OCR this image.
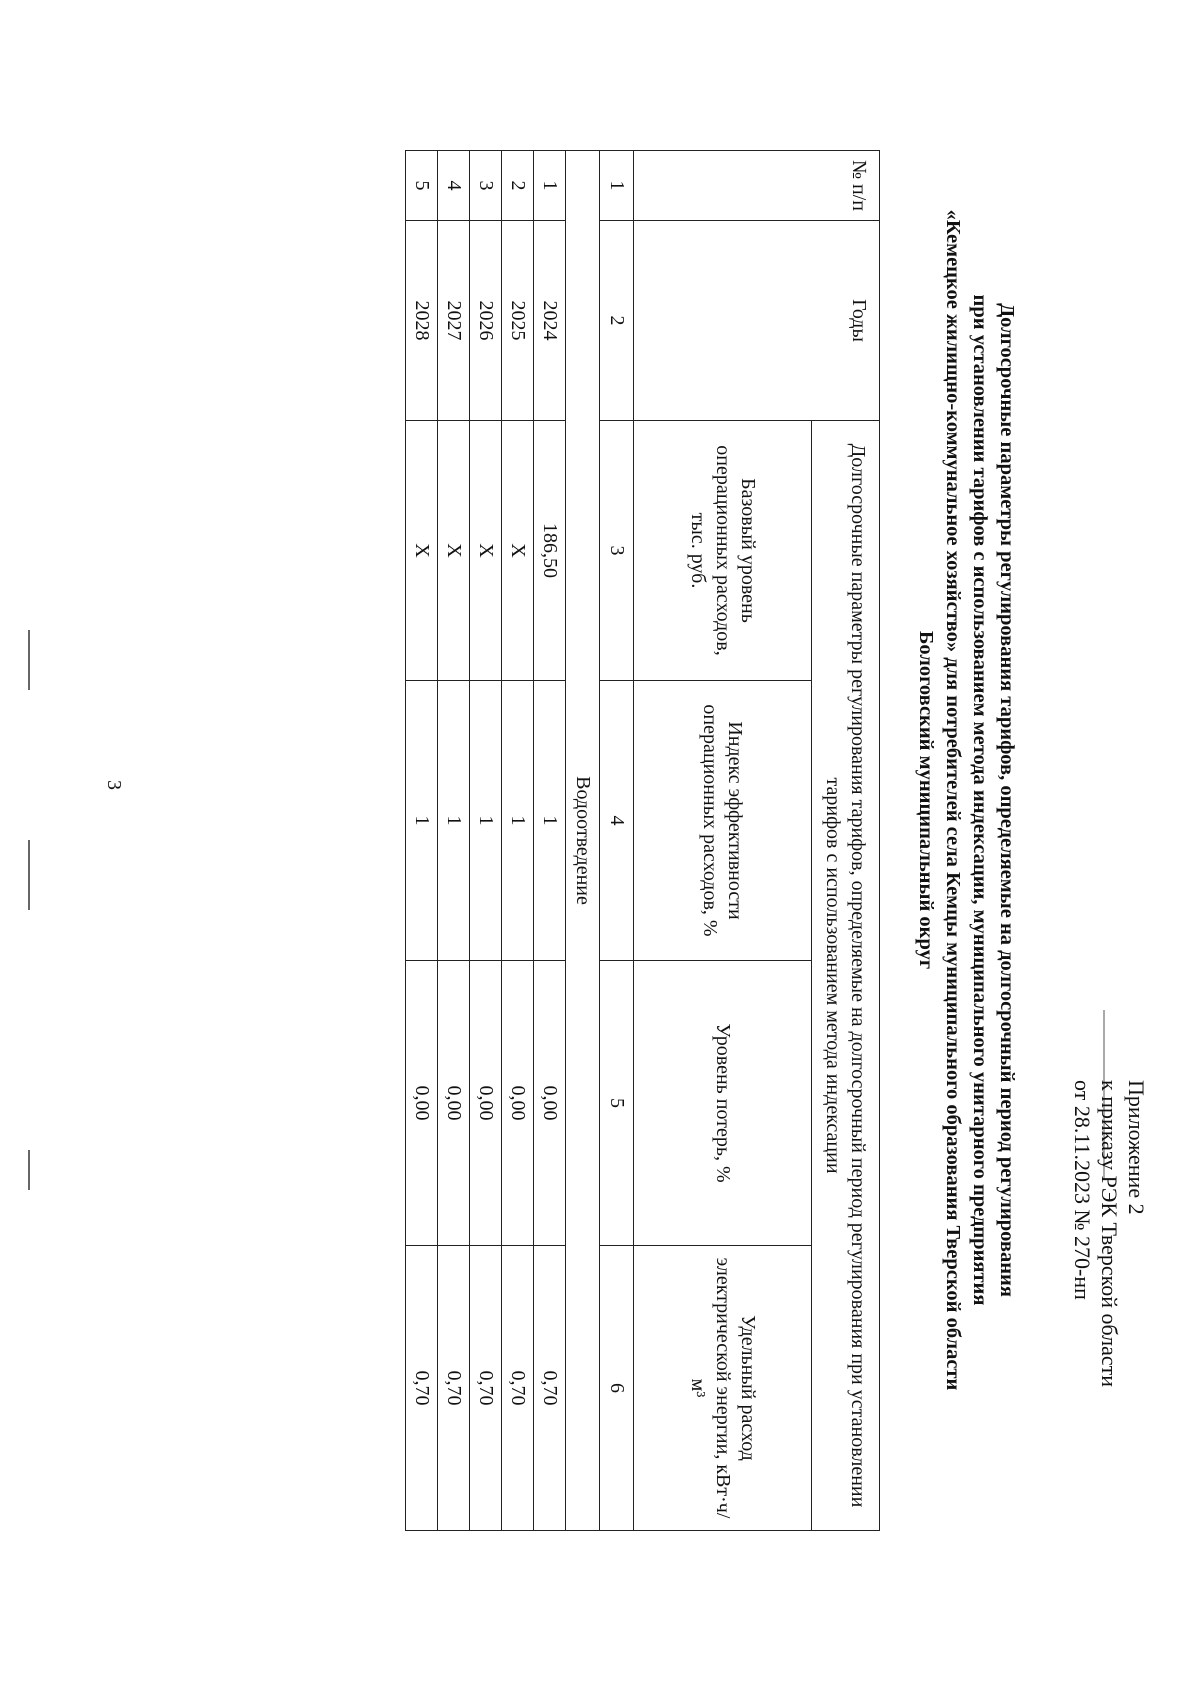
3
Приложение 2
к приказу РЭК Тверской области
от 28.11.2023 № 270-нп
Долгосрочные параметры регулирования тарифов, определяемые на долгосрочный период регулирования
при установлении тарифов с использованием метода индексации, муниципального унитарного предприятия
«Кемецкое жилищно-коммунальное хозяйство» для потребителей села Кемцы муниципального образования Тверской области
Бологовский муниципальный округ
№ п/п	Годы	Долгосрочные параметры регулирования тарифов, определяемые на долгосрочный период регулирования при установлении тарифов с использованием метода индексации			
		Базовый уровень операционных расходов, тыс. руб.	Индекс эффективности операционных расходов, %	Уровень потерь, %	Удельный расход электрической энергии, кВт·ч/м³
1	2	3	4	5	6
Водоотведение					
1	2024	186,50	1	0,00	0,70
2	2025	X	1	0,00	0,70
3	2026	X	1	0,00	0,70
4	2027	X	1	0,00	0,70
5	2028	X	1	0,00	0,70
